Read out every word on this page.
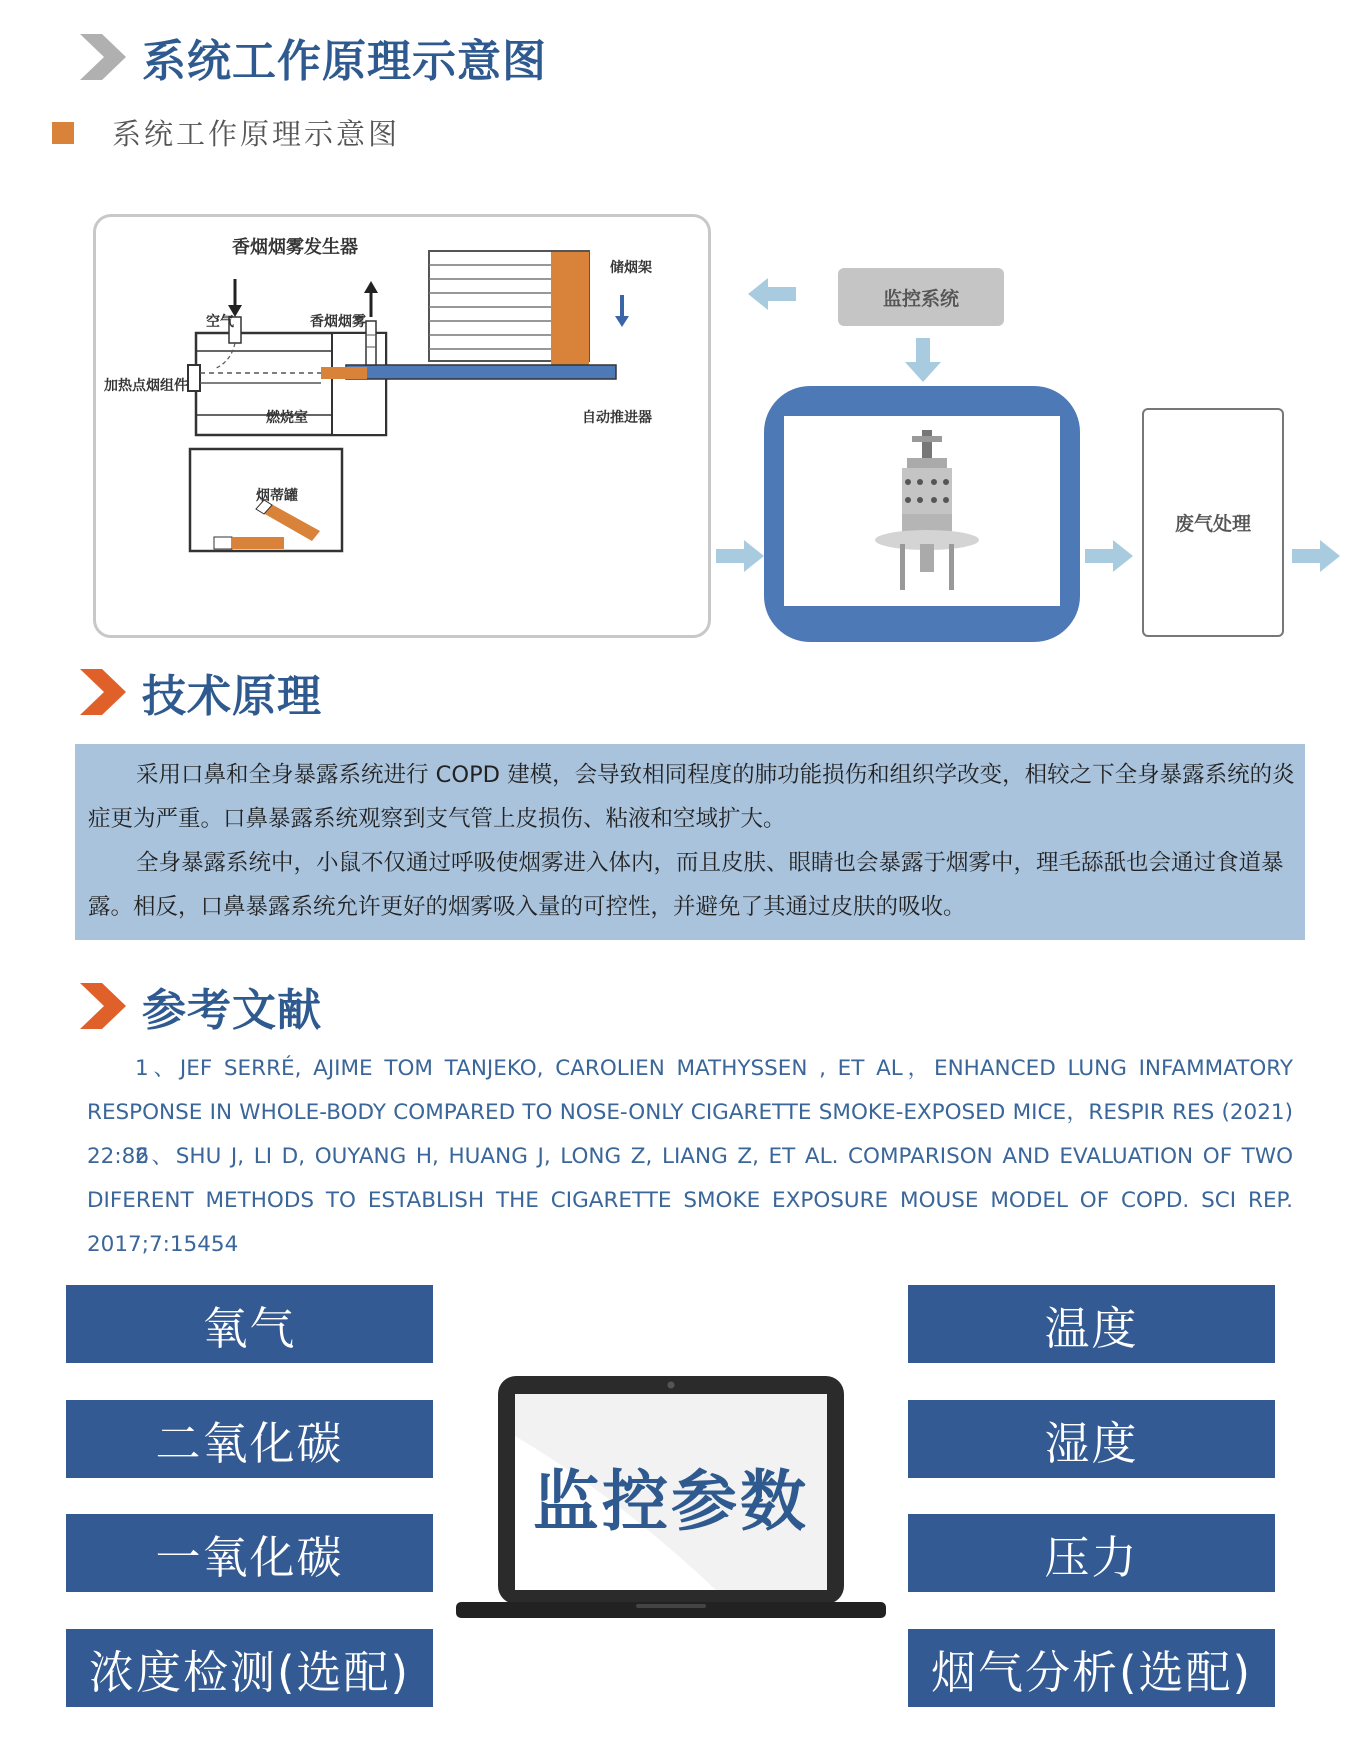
系统工作原理示意图
系统工作原理示意图
香烟烟雾发生器
储烟架
空气	香烟烟雾
加热点烟组件
燃烧室	自动推进器
烟蒂罐
监控系统
废气处理
技术原理
采用口鼻和全身暴露系统进行 COPD 建模，会导致相同程度的肺功能损伤和组织学改变，相较之下全身暴露系统的炎症更为严重。口鼻暴露系统观察到支气管上皮损伤、粘液和空域扩大。
全身暴露系统中，小鼠不仅通过呼吸使烟雾进入体内，而且皮肤、眼睛也会暴露于烟雾中，理毛舔舐也会通过食道暴露。相反，口鼻暴露系统允许更好的烟雾吸入量的可控性，并避免了其通过皮肤的吸收。
参考文献
1、JEF SERRÉ, AJIME TOM TANJEKO, CAROLIEN MATHYSSEN , ET AL，ENHANCED LUNG INFAMMATORY RESPONSE IN WHOLE-BODY COMPARED TO NOSE-ONLY CIGARETTE SMOKE-EXPOSED MICE，RESPIR RES (2021) 22:86
2、SHU J, LI D, OUYANG H, HUANG J, LONG Z, LIANG Z, ET AL. COMPARISON AND EVALUATION OF TWO DIFERENT METHODS TO ESTABLISH THE CIGARETTE SMOKE EXPOSURE MOUSE MODEL OF COPD. SCI REP. 2017;7:15454
氧气
二氧化碳
一氧化碳
浓度检测(选配)
温度
湿度
压力
烟气分析(选配)
监控参数
